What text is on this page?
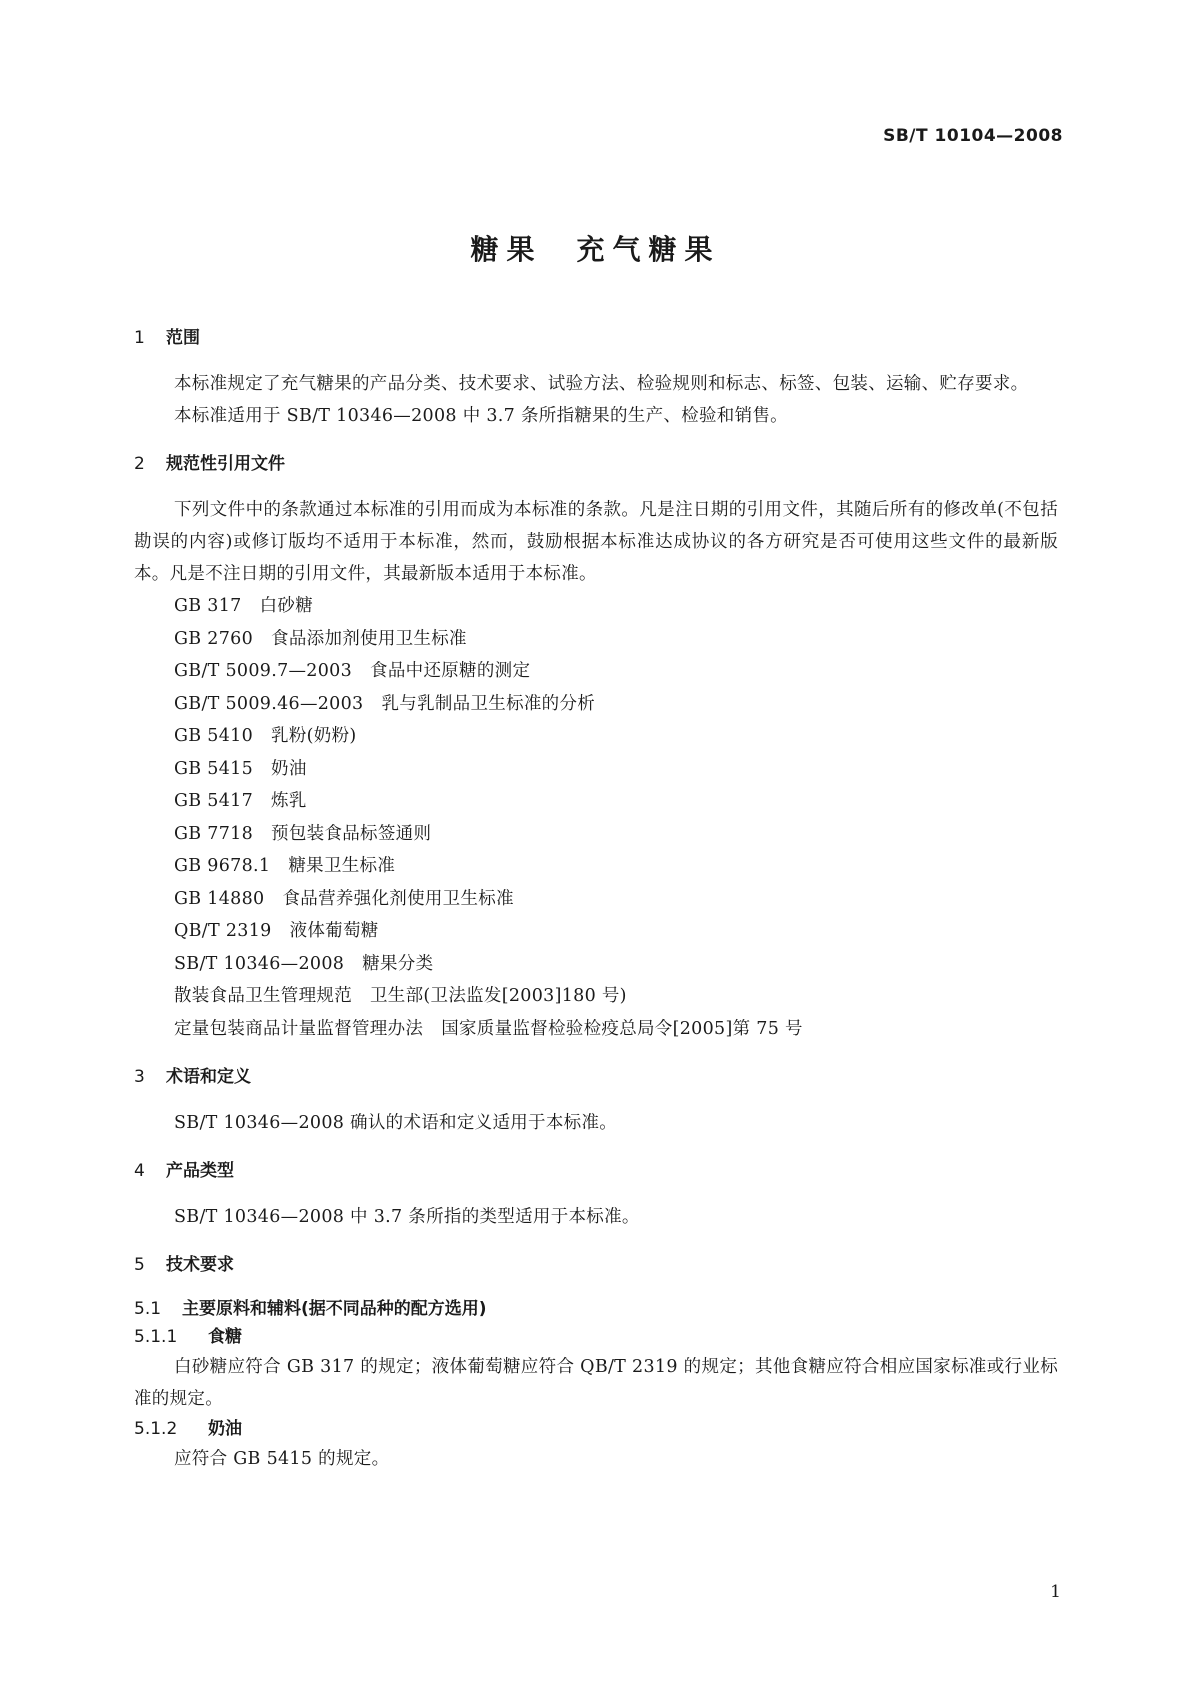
SB/T 10104—2008
糖果 充气糖果
1	范围

本标准规定了充气糖果的产品分类、技术要求、试验方法、检验规则和标志、标签、包装、运输、贮存要求。

本标准适用于 SB/T 10346—2008 中 3.7 条所指糖果的生产、检验和销售。

2	规范性引用文件

下列文件中的条款通过本标准的引用而成为本标准的条款。凡是注日期的引用文件，其随后所有的修改单(不包括勘误的内容)或修订版均不适用于本标准，然而，鼓励根据本标准达成协议的各方研究是否可使用这些文件的最新版本。凡是不注日期的引用文件，其最新版本适用于本标准。

GB 317 白砂糖

GB 2760 食品添加剂使用卫生标准

GB/T 5009.7—2003 食品中还原糖的测定

GB/T 5009.46—2003 乳与乳制品卫生标准的分析

GB 5410 乳粉(奶粉)

GB 5415 奶油

GB 5417 炼乳

GB 7718 预包装食品标签通则

GB 9678.1 糖果卫生标准

GB 14880 食品营养强化剂使用卫生标准

QB/T 2319 液体葡萄糖

SB/T 10346—2008 糖果分类

散装食品卫生管理规范 卫生部(卫法监发[2003]180 号)

定量包装商品计量监督管理办法 国家质量监督检验检疫总局令[2005]第 75 号

3	术语和定义

SB/T 10346—2008 确认的术语和定义适用于本标准。

4	产品类型

SB/T 10346—2008 中 3.7 条所指的类型适用于本标准。

5	技术要求
5.1	主要原料和辅料(据不同品种的配方选用)
5.1.1	食糖

白砂糖应符合 GB 317 的规定；液体葡萄糖应符合 QB/T 2319 的规定；其他食糖应符合相应国家标准或行业标准的规定。

5.1.2	奶油

应符合 GB 5415 的规定。

1
